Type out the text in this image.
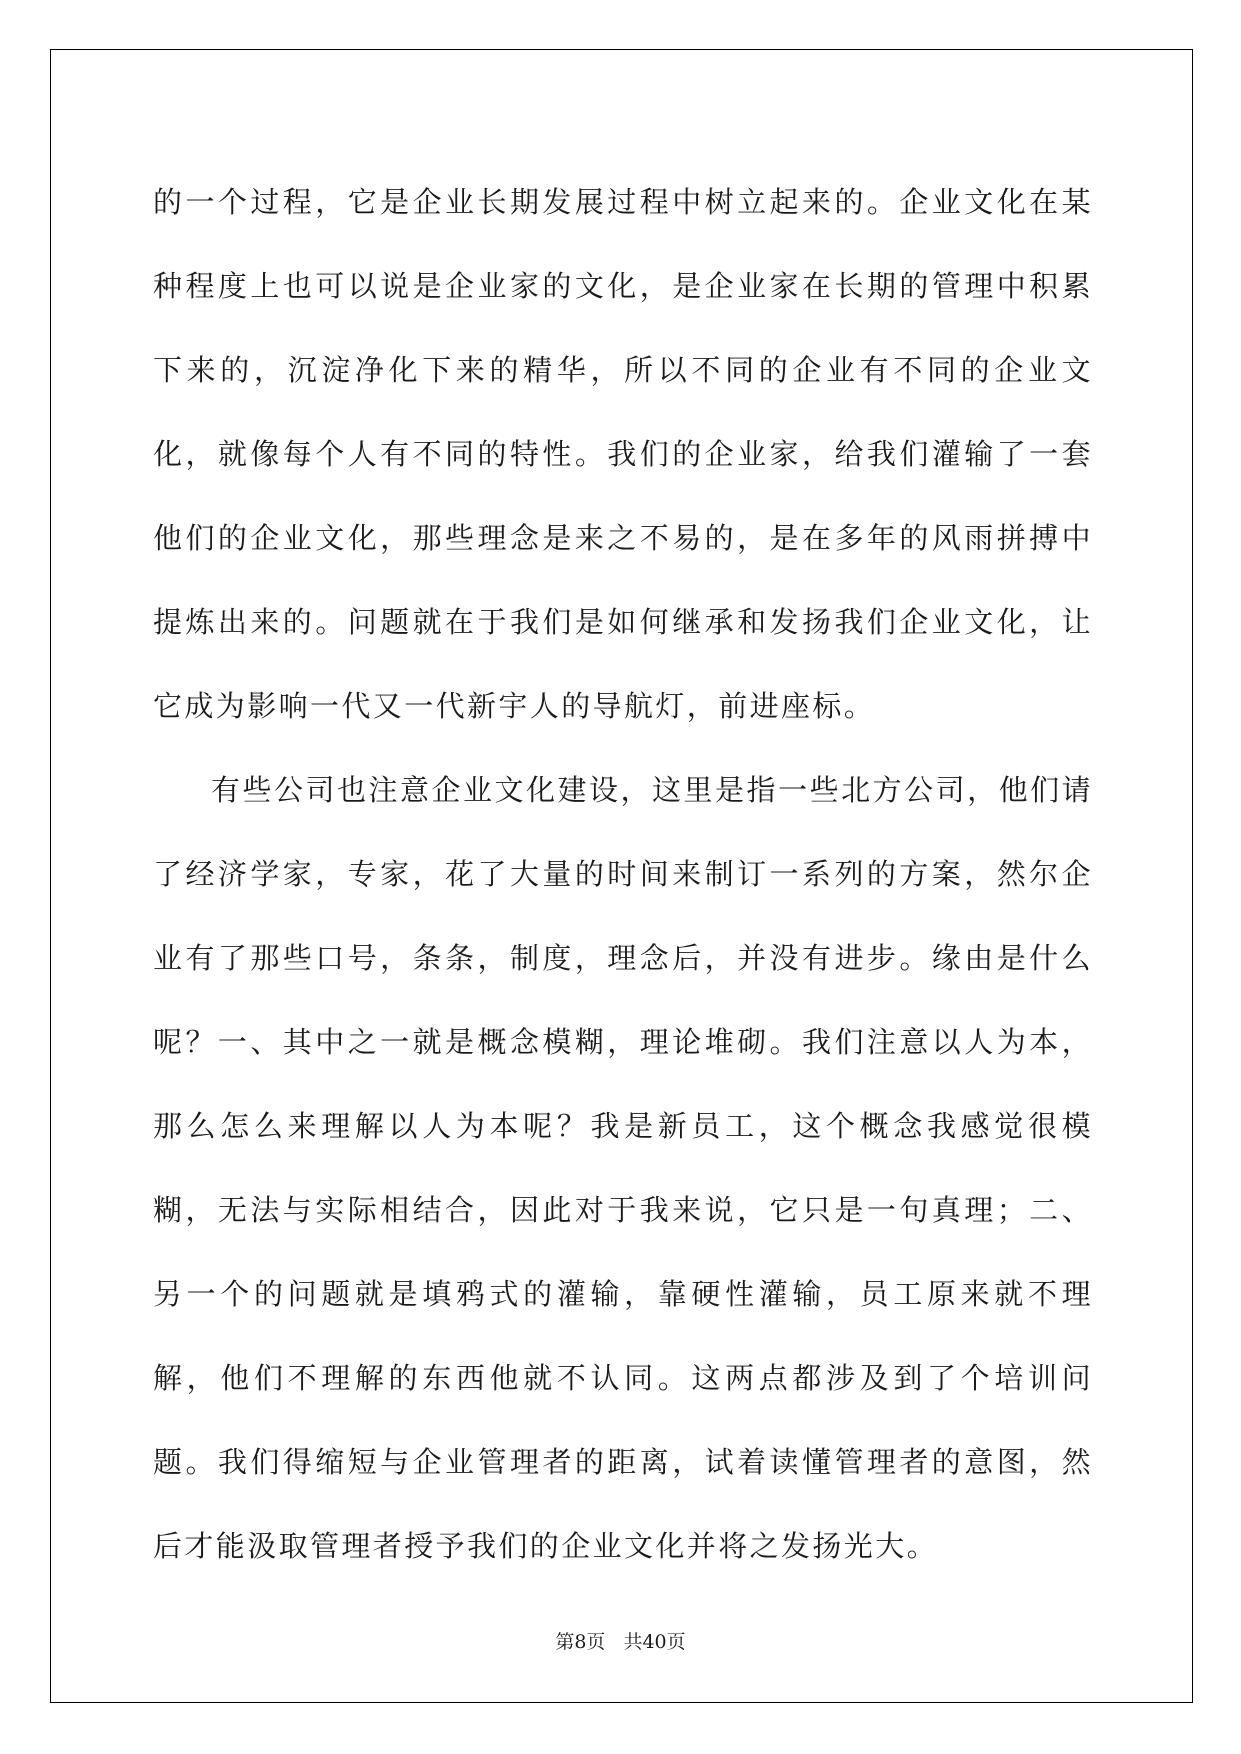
的一个过程，它是企业长期发展过程中树立起来的。企业文化在某种程度上也可以说是企业家的文化，是企业家在长期的管理中积累下来的，沉淀净化下来的精华，所以不同的企业有不同的企业文化，就像每个人有不同的特性。我们的企业家，给我们灌输了一套他们的企业文化，那些理念是来之不易的，是在多年的风雨拼搏中提炼出来的。问题就在于我们是如何继承和发扬我们企业文化，让它成为影响一代又一代新宇人的导航灯，前进座标。

有些公司也注意企业文化建设，这里是指一些北方公司，他们请了经济学家，专家，花了大量的时间来制订一系列的方案，然尔企业有了那些口号，条条，制度，理念后，并没有进步。缘由是什么呢？一、其中之一就是概念模糊，理论堆砌。我们注意以人为本，那么怎么来理解以人为本呢？我是新员工，这个概念我感觉很模糊，无法与实际相结合，因此对于我来说，它只是一句真理；二、另一个的问题就是填鸦式的灌输，靠硬性灌输，员工原来就不理解，他们不理解的东西他就不认同。这两点都涉及到了个培训问题。我们得缩短与企业管理者的距离，试着读懂管理者的意图，然后才能汲取管理者授予我们的企业文化并将之发扬光大。

第8页 共40页
